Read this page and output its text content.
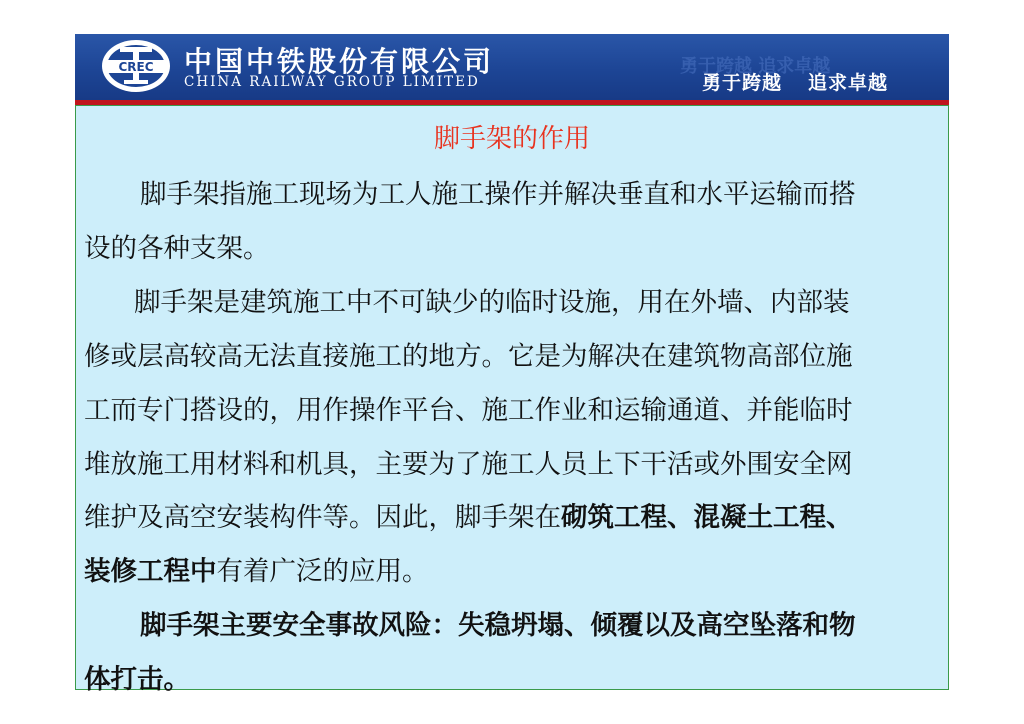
CREC 中国中铁股份有限公司
CHINA RAILWAY GROUP LIMITED
勇于跨越 追求卓越
勇于跨越 追求卓越
脚手架的作用
脚手架指施工现场为工人施工操作并解决垂直和水平运输而搭
设的各种支架。
脚手架是建筑施工中不可缺少的临时设施，用在外墙、内部装
修或层高较高无法直接施工的地方。它是为解决在建筑物高部位施
工而专门搭设的，用作操作平台、施工作业和运输通道、并能临时
堆放施工用材料和机具，主要为了施工人员上下干活或外围安全网
维护及高空安装构件等。因此，脚手架在砌筑工程、混凝土工程、
装修工程中有着广泛的应用。
脚手架主要安全事故风险：失稳坍塌、倾覆以及高空坠落和物
体打击。
